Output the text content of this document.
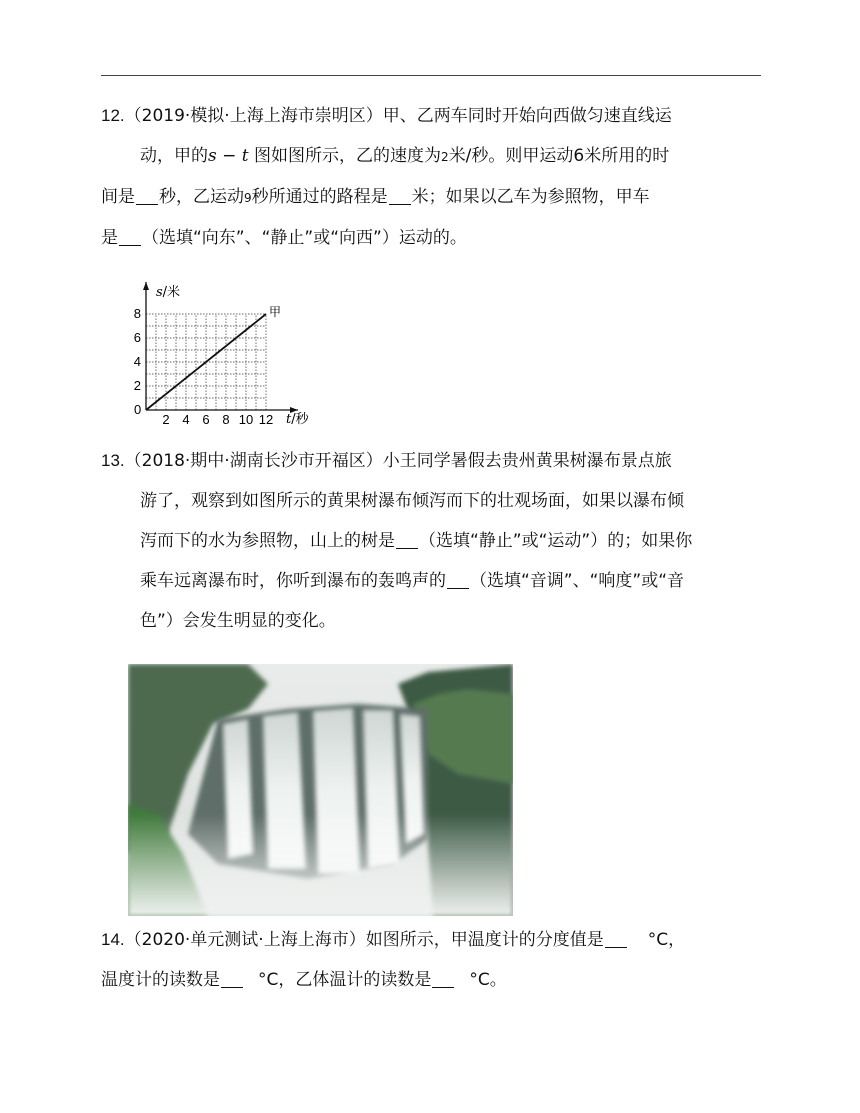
12.（2019·模拟·上海上海市崇明区）甲、乙两车同时开始向西做匀速直线运

动，甲的s − t 图如图所示，乙的速度为2米/秒。则甲运动6米所用的时

间是 秒，乙运动9秒所通过的路程是 米；如果以乙车为参照物，甲车

是 （选填“向东”、“静止”或“向西”）运动的。

s/米
t/秒
0
2 4 6 8 10 12
2
4
6
8	甲

13.（2018·期中·湖南长沙市开福区）小王同学暑假去贵州黄果树瀑布景点旅

游了，观察到如图所示的黄果树瀑布倾泻而下的壮观场面，如果以瀑布倾

泻而下的水为参照物，山上的树是 （选填“静止”或“运动”）的；如果你

乘车远离瀑布时，你听到瀑布的轰鸣声的 （选填“音调”、“响度”或“音

色”）会发生明显的变化。

14.（2020·单元测试·上海上海市）如图所示，甲温度计的分度值是	°C，

温度计的读数是 °C，乙体温计的读数是 °C。
